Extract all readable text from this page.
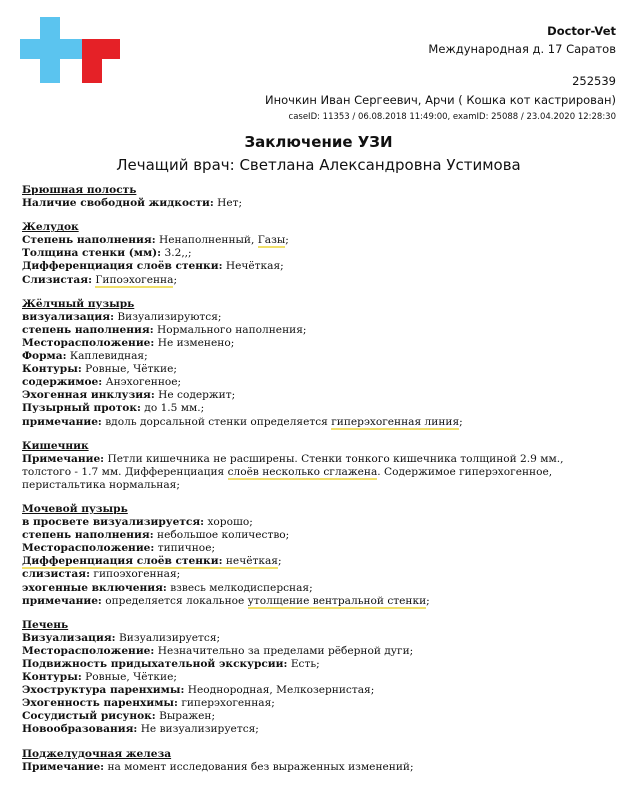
Doctor-Vet
Международная д. 17 Саратов
252539
Иночкин Иван Сергеевич, Арчи ( Кошка кот кастрирован)
caseID: 11353 / 06.08.2018 11:49:00, examID: 25088 / 23.04.2020 12:28:30
Заключение УЗИ
Лечащий врач: Светлана Александровна Устимова
Брюшная полость
Наличие свободной жидкости: Нет;
Желудок
Степень наполнения: Ненаполненный, Газы;
Толщина стенки (мм): 3.2,,;
Дифференциация слоёв стенки: Нечёткая;
Слизистая: Гипоэхогенна;
Жёлчный пузырь
визуализация: Визуализируются;
степень наполнения: Нормального наполнения;
Месторасположение: Не изменено;
Форма: Каплевидная;
Контуры: Ровные, Чёткие;
содержимое: Анэхогенное;
Эхогенная инклузия: Не содержит;
Пузырный проток: до 1.5 мм.;
примечание: вдоль дорсальной стенки определяется гиперэхогенная линия;
Кишечник
Примечание: Петли кишечника не расширены. Стенки тонкого кишечника толщиной 2.9 мм., толстого - 1.7 мм. Дифференциация слоёв несколько сглажена. Содержимое гиперэхогенное, перистальтика нормальная;
Мочевой пузырь
в просвете визуализируется: хорошо;
степень наполнения: небольшое количество;
Месторасположение: типичное;
Дифференциация слоёв стенки: нечёткая;
слизистая: гипоэхогенная;
эхогенные включения: взвесь мелкодисперсная;
примечание: определяется локальное утолщение вентральной стенки;
Печень
Визуализация: Визуализируется;
Месторасположение: Незначительно за пределами рёберной дуги;
Подвижность придыхательной экскурсии: Есть;
Контуры: Ровные, Чёткие;
Эхоструктура паренхимы: Неоднородная, Мелкозернистая;
Эхогенность паренхимы: гиперэхогенная;
Сосудистый рисунок: Выражен;
Новообразования: Не визуализируется;
Поджелудочная железа
Примечание: на момент исследования без выраженных изменений;
